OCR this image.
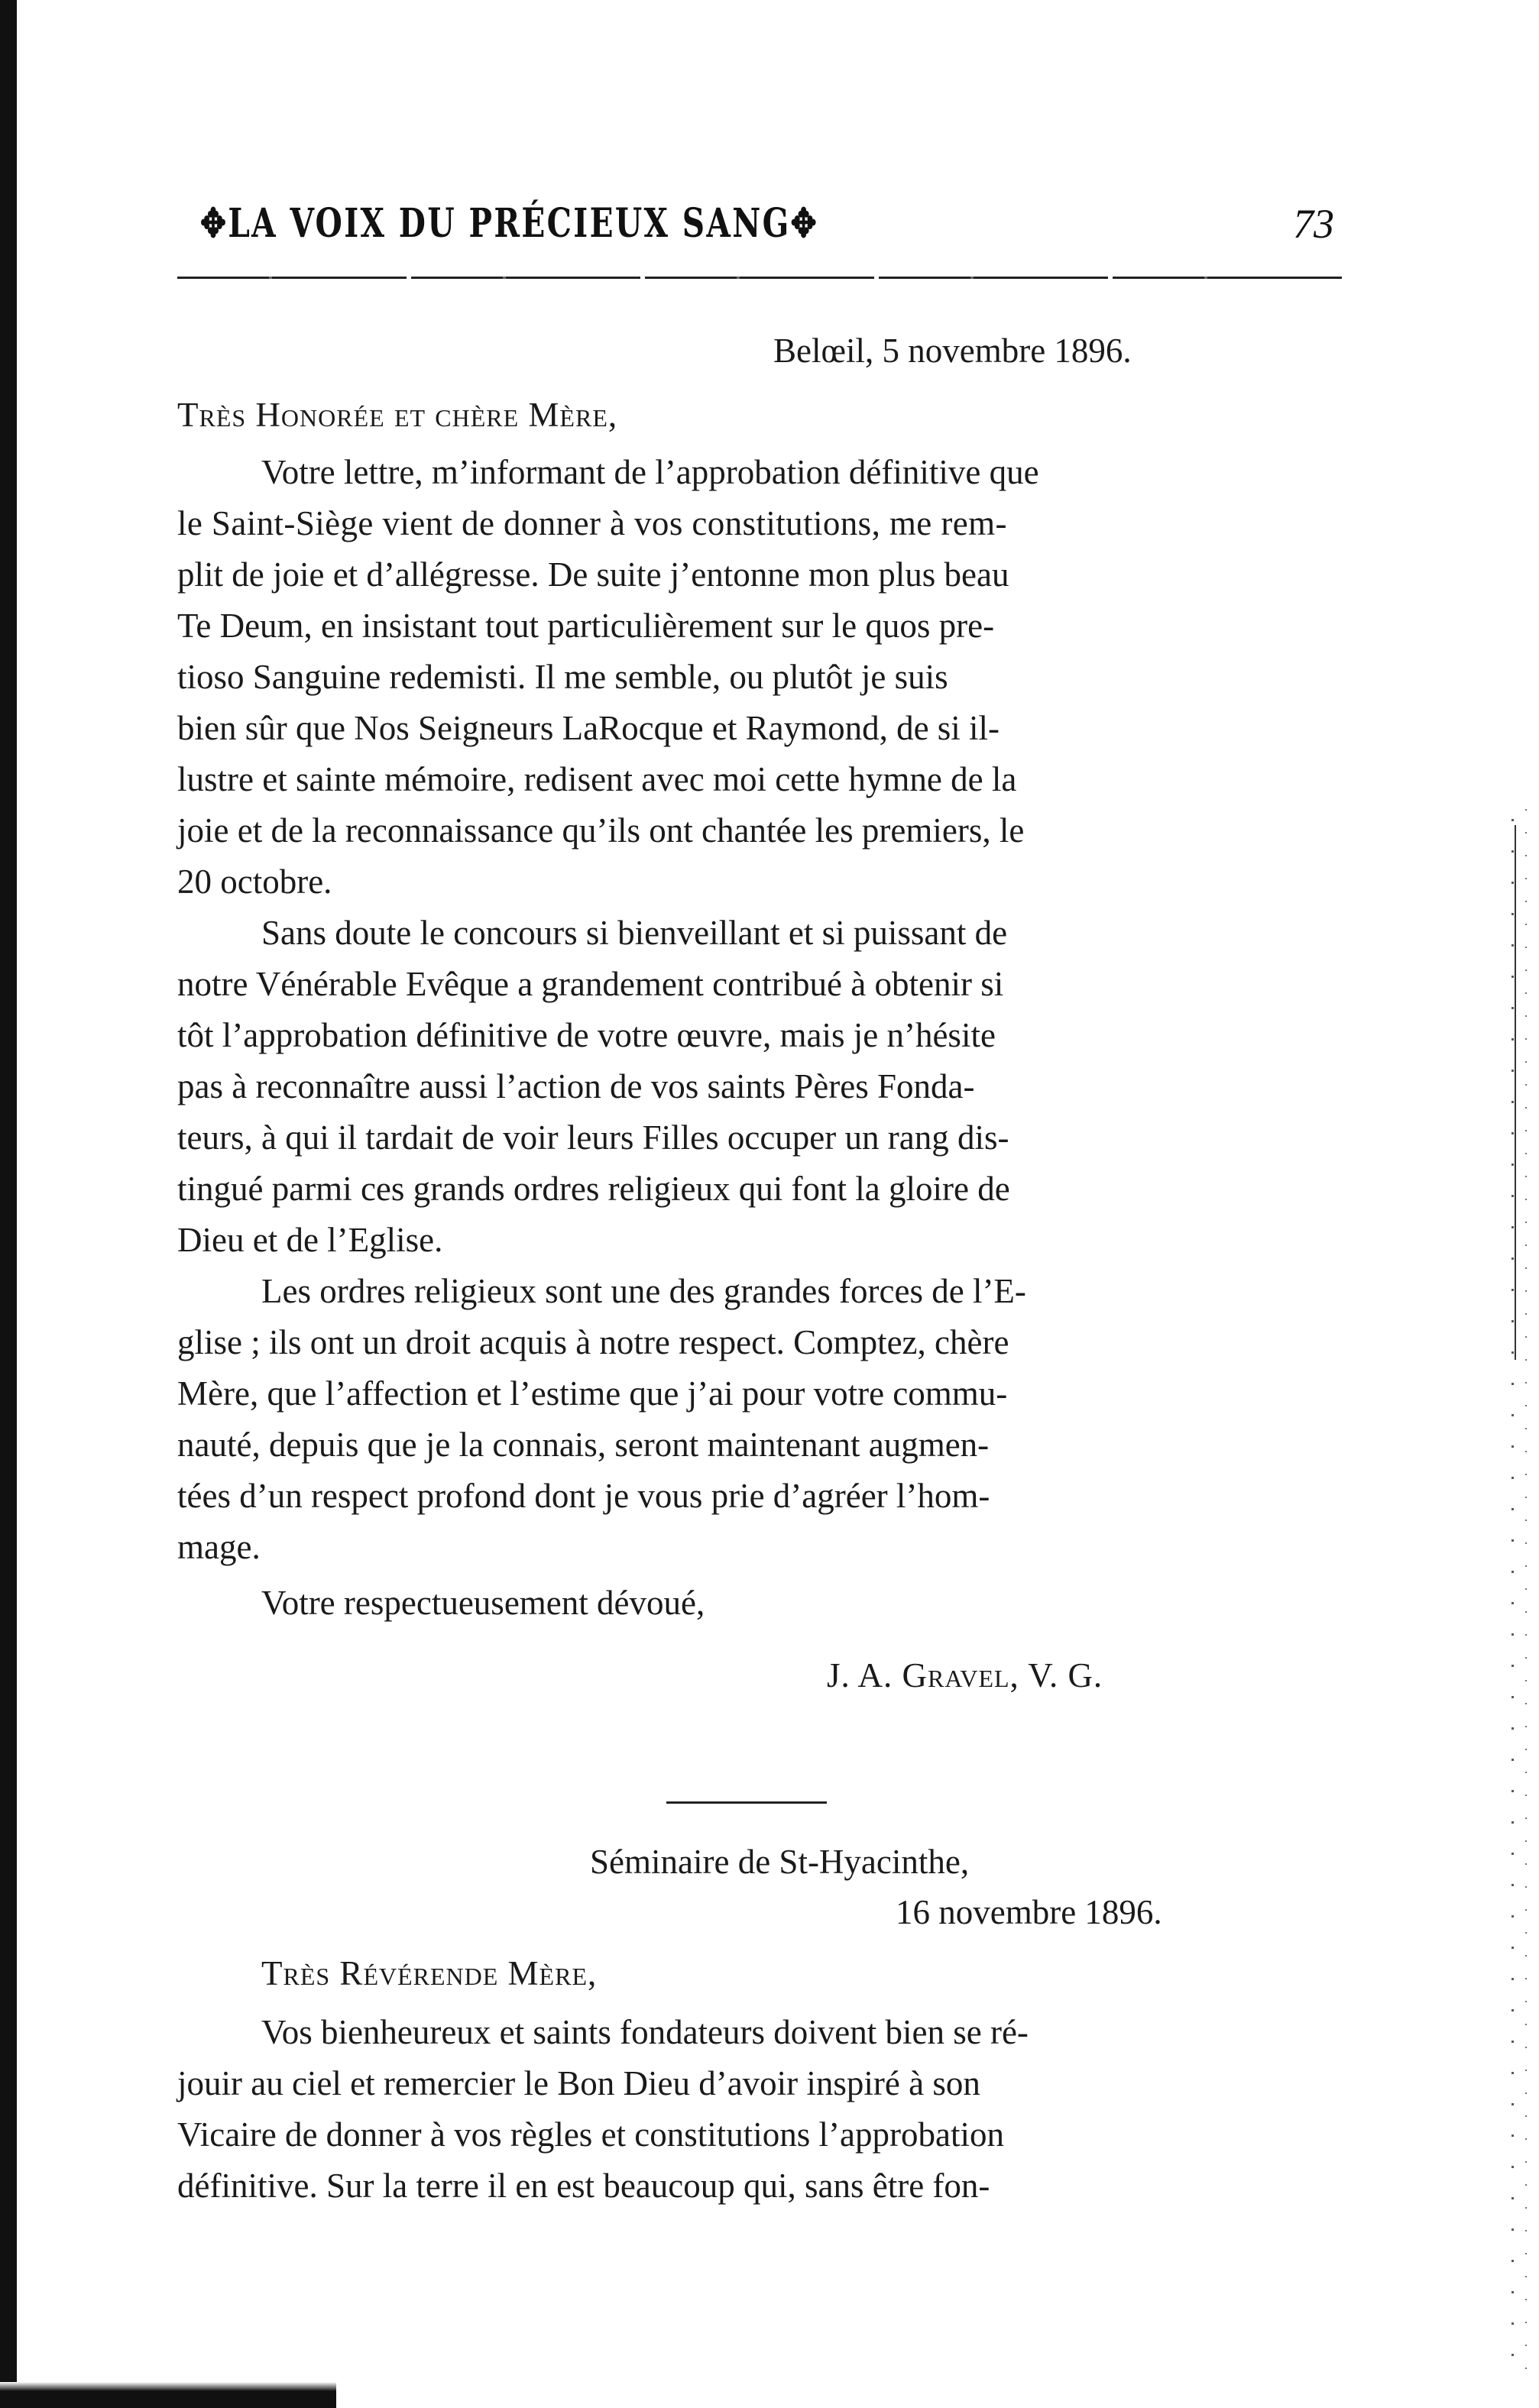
✥LA VOIX DU PRÉCIEUX SANG✥	73
Belœil, 5 novembre 1896.
Très Honorée et chère Mère,
Votre lettre, m’informant de l’approbation définitive que
le Saint-Siège vient de donner à vos constitutions, me rem-
plit de joie et d’allégresse. De suite j’entonne mon plus beau
Te Deum, en insistant tout particulièrement sur le quos pre-
tioso Sanguine redemisti. Il me semble, ou plutôt je suis
bien sûr que Nos Seigneurs LaRocque et Raymond, de si il-
lustre et sainte mémoire, redisent avec moi cette hymne de la
joie et de la reconnaissance qu’ils ont chantée les premiers, le
20 octobre.
Sans doute le concours si bienveillant et si puissant de
notre Vénérable Evêque a grandement contribué à obtenir si
tôt l’approbation définitive de votre œuvre, mais je n’hésite
pas à reconnaître aussi l’action de vos saints Pères Fonda-
teurs, à qui il tardait de voir leurs Filles occuper un rang dis-
tingué parmi ces grands ordres religieux qui font la gloire de
Dieu et de l’Eglise.
Les ordres religieux sont une des grandes forces de l’E-
glise ; ils ont un droit acquis à notre respect. Comptez, chère
Mère, que l’affection et l’estime que j’ai pour votre commu-
nauté, depuis que je la connais, seront maintenant augmen-
tées d’un respect profond dont je vous prie d’agréer l’hom-
mage.
Votre respectueusement dévoué,
J. A. Gravel, V. G.
Séminaire de St-Hyacinthe,
16 novembre 1896.
Très Révérende Mère,
Vos bienheureux et saints fondateurs doivent bien se ré-
jouir au ciel et remercier le Bon Dieu d’avoir inspiré à son
Vicaire de donner à vos règles et constitutions l’approbation
définitive. Sur la terre il en est beaucoup qui, sans être fon-
